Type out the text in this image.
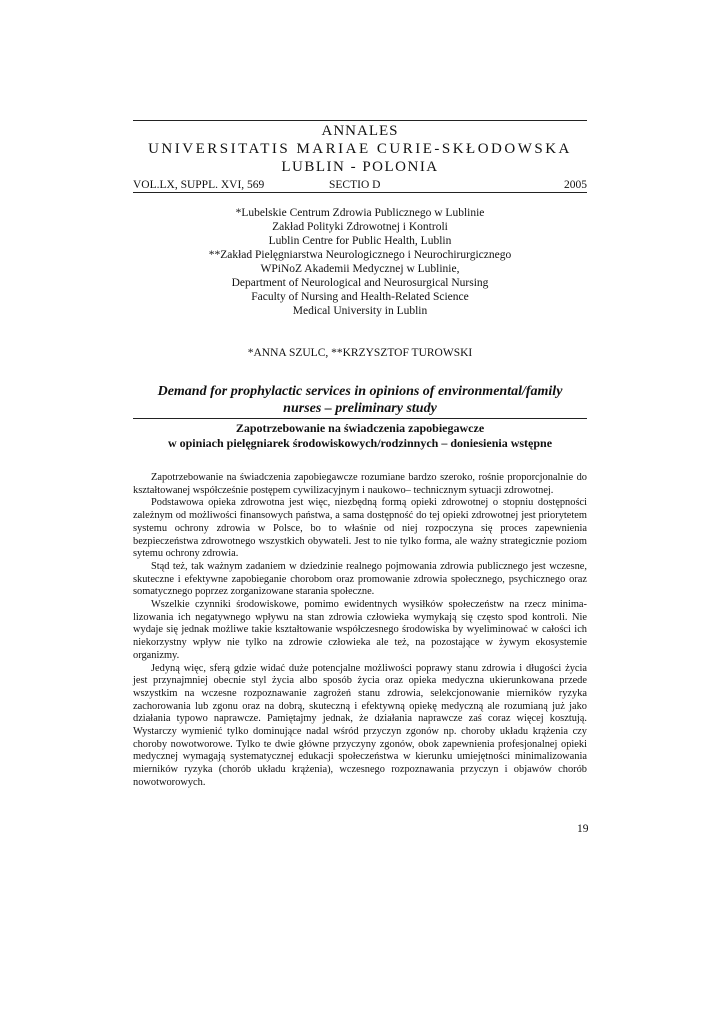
ANNALES
UNIVERSITATIS MARIAE CURIE-SKŁODOWSKA
LUBLIN - POLONIA
VOL.LX, SUPPL. XVI, 569	SECTIO D	2005
*Lubelskie Centrum Zdrowia Publicznego w Lublinie
Zakład Polityki Zdrowotnej i Kontroli
Lublin Centre for Public Health, Lublin
**Zakład Pielęgniarstwa Neurologicznego i Neurochirurgicznego
WPiNoZ Akademii Medycznej w Lublinie,
Department of Neurological and Neurosurgical Nursing
Faculty of Nursing and Health-Related Science
Medical University in Lublin
*ANNA SZULC, **KRZYSZTOF TUROWSKI
Demand for prophylactic services in opinions of environmental/family
nurses – preliminary study
Zapotrzebowanie na świadczenia zapobiegawcze
w opiniach pielęgniarek środowiskowych/rodzinnych – doniesienia wstępne

Zapotrzebowanie na świadczenia zapobiegawcze rozumiane bardzo szeroko, rośnie proporcjonalnie do kształtowanej współcześnie postępem cywilizacyjnym i naukowo– technicznym sytuacji zdrowotnej.

Podstawowa opieka zdrowotna jest więc, niezbędną formą opieki zdrowotnej o stopniu dostępności zależnym od możliwości finansowych państwa, a sama dostępność do tej opieki zdrowotnej jest priorytetem systemu ochrony zdrowia w Polsce, bo to właśnie od niej rozpoczyna się proces zapewnienia bezpieczeństwa zdrowotnego wszystkich obywateli. Jest to nie tylko forma, ale ważny strategicznie poziom sytemu ochrony zdrowia.

Stąd też, tak ważnym zadaniem w dziedzinie realnego pojmowania zdrowia publicznego jest wczesne, skuteczne i efektywne zapobieganie chorobom oraz promowanie zdrowia społecznego, psychicznego oraz somatycznego poprzez zorganizowane starania społeczne.

Wszelkie czynniki środowiskowe, pomimo ewidentnych wysiłków społeczeństw na rzecz minimalizowania ich negatywnego wpływu na stan zdrowia człowieka wymykają się często spod kontroli. Nie wydaje się jednak możliwe takie kształtowanie współczesnego środowiska by wyeliminować w całości ich niekorzystny wpływ nie tylko na zdrowie człowieka ale też, na pozostające w żywym ekosystemie organizmy.

Jedyną więc, sferą gdzie widać duże potencjalne możliwości poprawy stanu zdrowia i długości życia jest przynajmniej obecnie styl życia albo sposób życia oraz opieka medyczna ukierunkowana przede wszystkim na wczesne rozpoznawanie zagrożeń stanu zdrowia, selekcjonowanie mierników ryzyka zachorowania lub zgonu oraz na dobrą, skuteczną i efektywną opiekę medyczną ale rozumianą już jako działania typowo naprawcze. Pamiętajmy jednak, że działania naprawcze zaś coraz więcej kosztują. Wystarczy wymienić tylko dominujące nadal wśród przyczyn zgonów np. choroby układu krążenia czy choroby nowotworowe. Tylko te dwie główne przyczyny zgonów, obok zapewnienia profesjonalnej opieki medycznej wymagają systematycznej edukacji społeczeństwa w kierunku umiejętności minimalizowania mierników ryzyka (chorób układu krążenia), wczesnego rozpoznawania przyczyn i objawów chorób nowotworowych.

19
